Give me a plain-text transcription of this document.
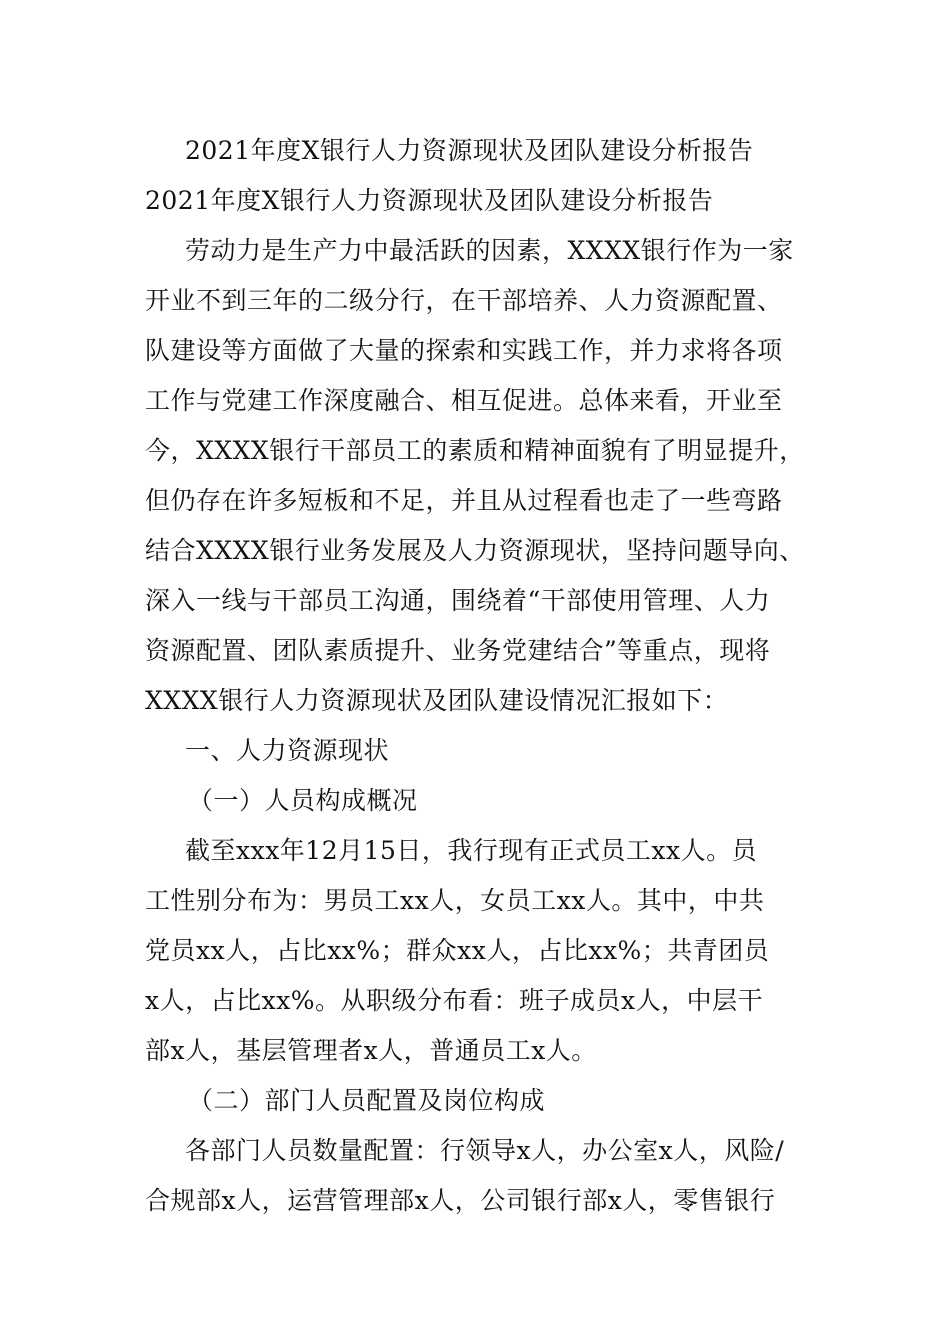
2021年度X银行人力资源现状及团队建设分析报告
2021年度X银行人力资源现状及团队建设分析报告
劳动力是生产力中最活跃的因素，XXXX银行作为一家
开业不到三年的二级分行，在干部培养、人力资源配置、
队建设等方面做了大量的探索和实践工作，并力求将各项
工作与党建工作深度融合、相互促进。总体来看，开业至
今，XXXX银行干部员工的素质和精神面貌有了明显提升，
但仍存在许多短板和不足，并且从过程看也走了一些弯路
结合XXXX银行业务发展及人力资源现状，坚持问题导向、
深入一线与干部员工沟通，围绕着“干部使用管理、人力
资源配置、团队素质提升、业务党建结合”等重点，现将
XXXX银行人力资源现状及团队建设情况汇报如下：
一、人力资源现状
（一）人员构成概况
截至xxx年12月15日，我行现有正式员工xx人。员
工性别分布为：男员工xx人，女员工xx人。其中，中共
党员xx人，占比xx%；群众xx人，占比xx%；共青团员
x人，占比xx%。从职级分布看：班子成员x人，中层干
部x人，基层管理者x人，普通员工x人。
（二）部门人员配置及岗位构成
各部门人员数量配置：行领导x人，办公室x人，风险/
合规部x人，运营管理部x人，公司银行部x人，零售银行
